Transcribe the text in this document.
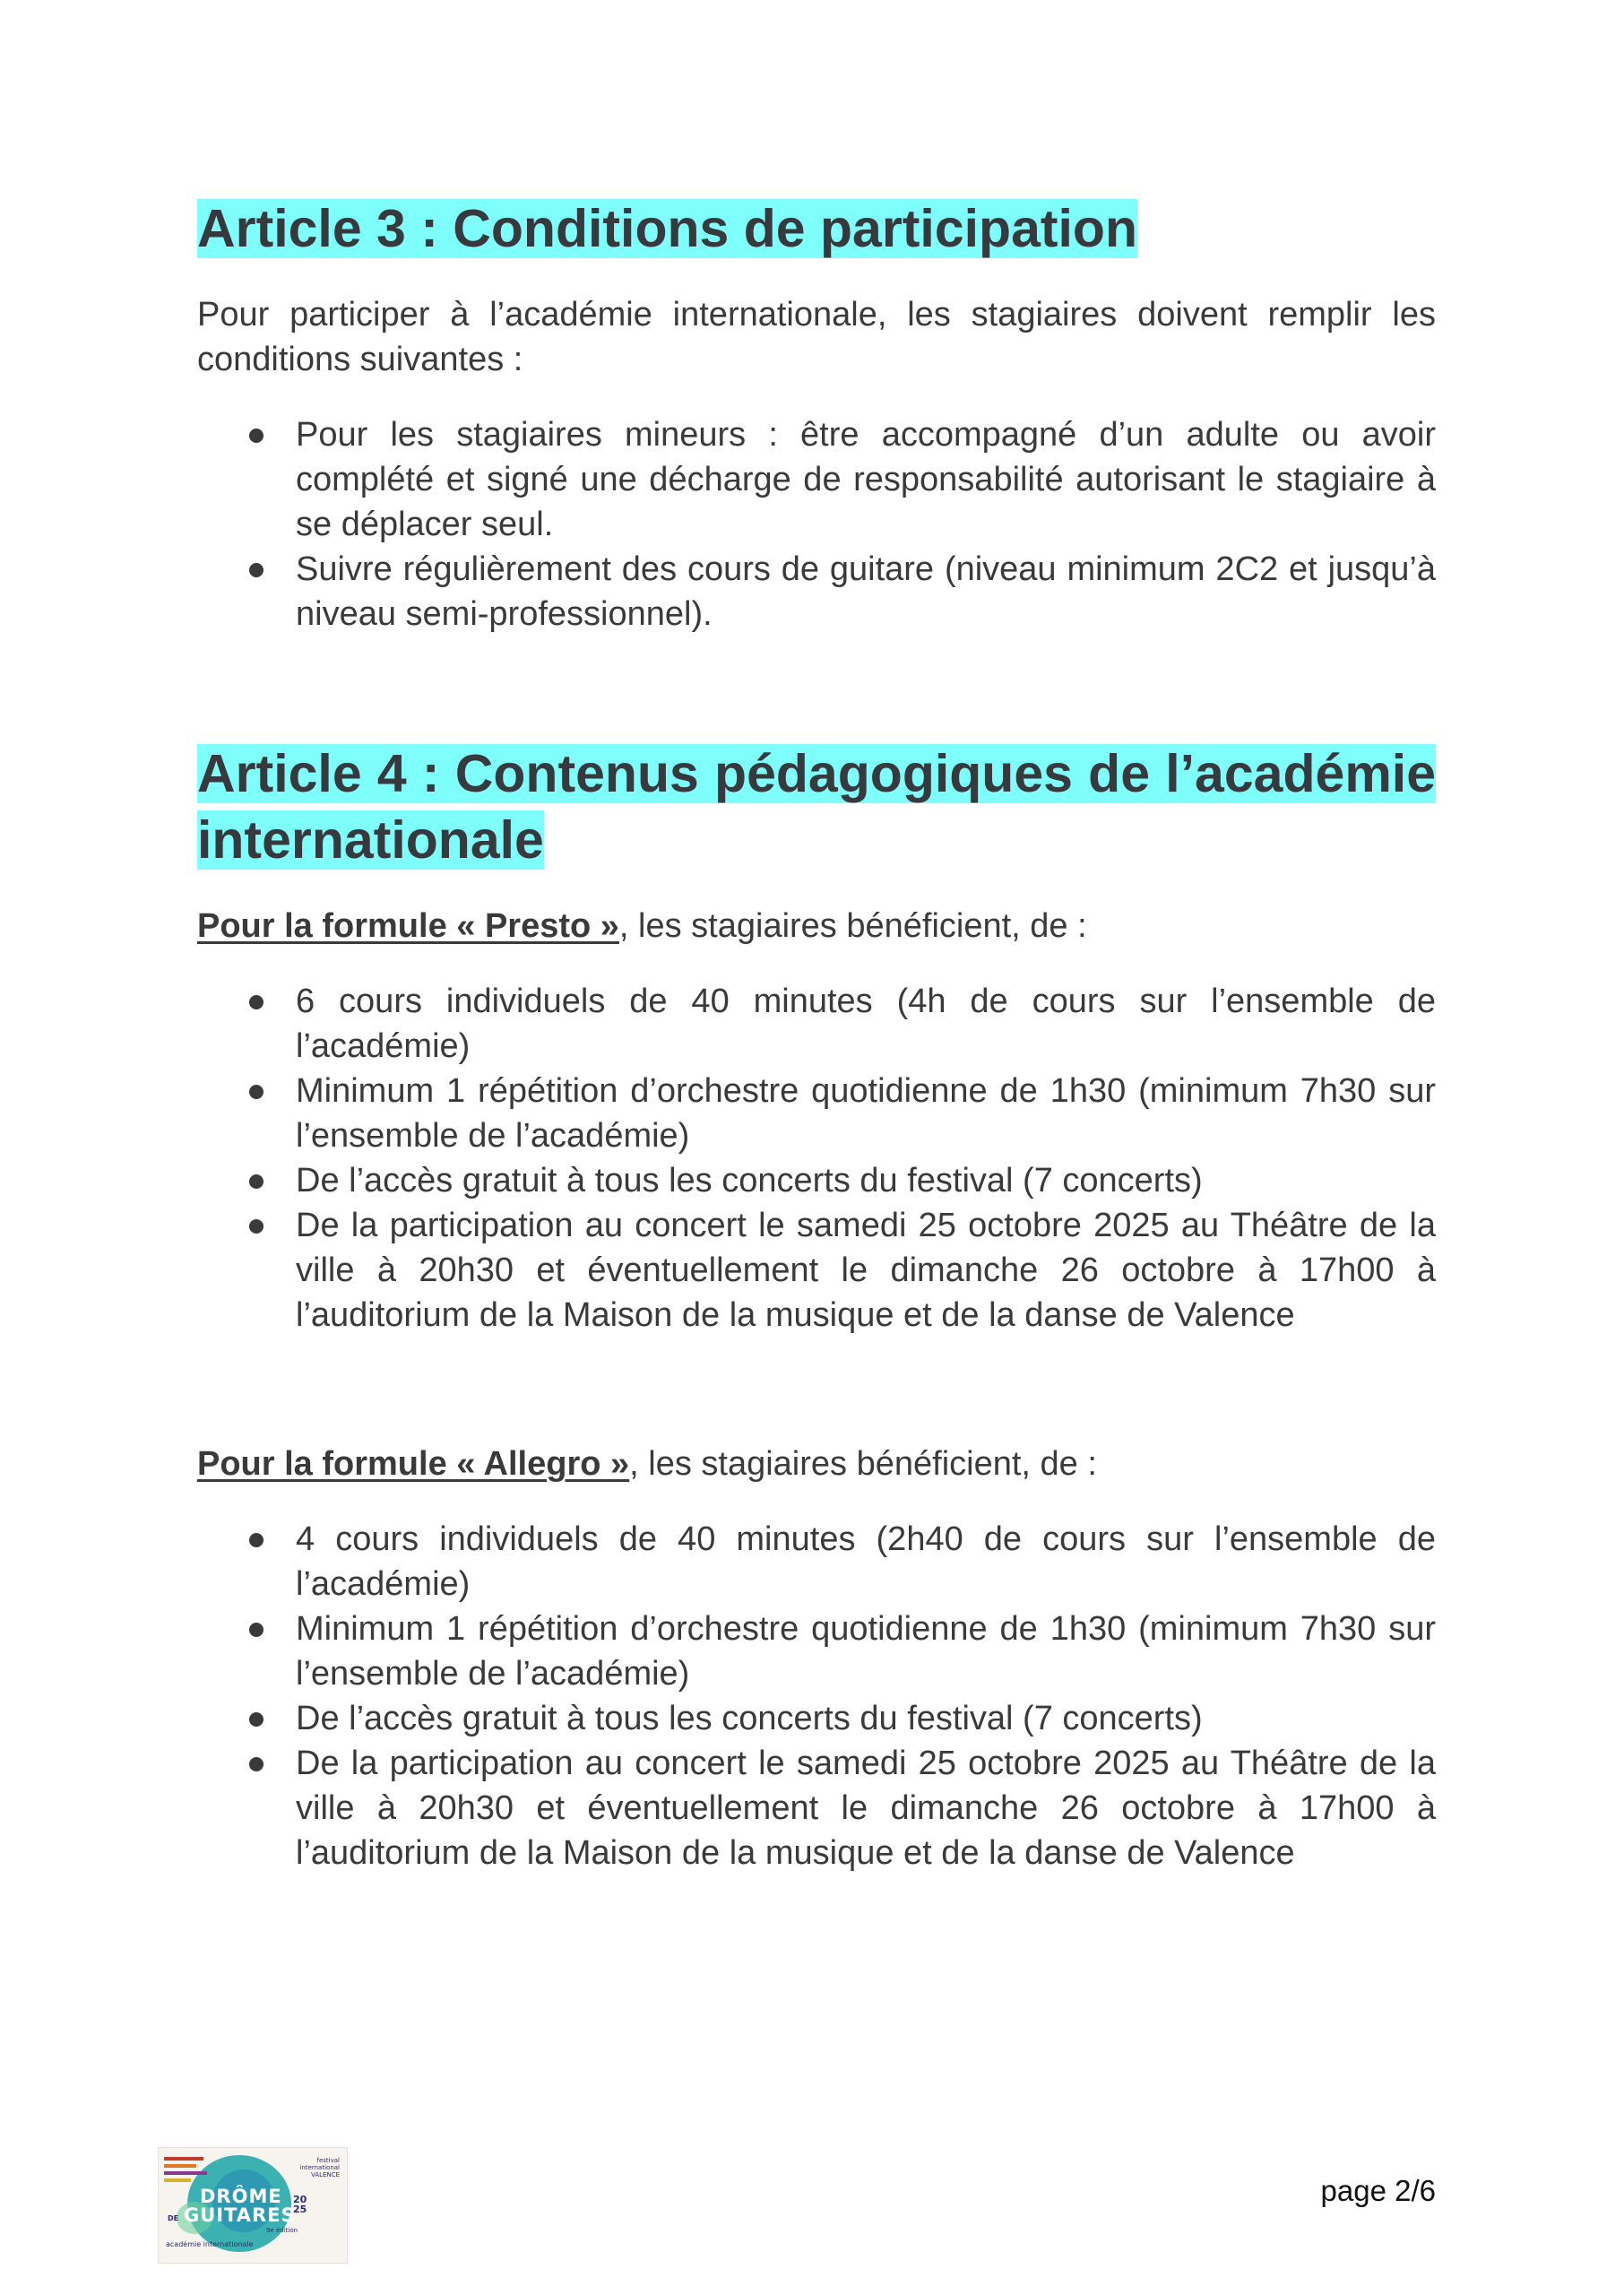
Article 3 : Conditions de participation

Pour participer à l’académie internationale, les stagiaires doivent remplir les conditions suivantes :

Pour les stagiaires mineurs : être accompagné d’un adulte ou avoir complété et signé une décharge de responsabilité autorisant le stagiaire à se déplacer seul.
Suivre régulièrement des cours de guitare (niveau minimum 2C2 et jusqu’à niveau semi-professionnel).
Article 4 : Contenus pédagogiques de l’académie internationale

Pour la formule « Presto », les stagiaires bénéficient, de :

6 cours individuels de 40 minutes (4h de cours sur l’ensemble de l’académie)
Minimum 1 répétition d’orchestre quotidienne de 1h30 (minimum 7h30 sur l’ensemble de l’académie)
De l’accès gratuit à tous les concerts du festival (7 concerts)
De la participation au concert le samedi 25 octobre 2025 au Théâtre de la ville à 20h30 et éventuellement le dimanche 26 octobre à 17h00 à l’auditorium de la Maison de la musique et de la danse de Valence

Pour la formule « Allegro », les stagiaires bénéficient, de :

4 cours individuels de 40 minutes (2h40 de cours sur l’ensemble de l’académie)
Minimum 1 répétition d’orchestre quotidienne de 1h30 (minimum 7h30 sur l’ensemble de l’académie)
De l’accès gratuit à tous les concerts du festival (7 concerts)
De la participation au concert le samedi 25 octobre 2025 au Théâtre de la ville à 20h30 et éventuellement le dimanche 26 octobre à 17h00 à l’auditorium de la Maison de la musique et de la danse de Valence
festival international VALENCE
DRÔME
DE GUITARES
20
25
9e édition
académie internationale
page 2/6
